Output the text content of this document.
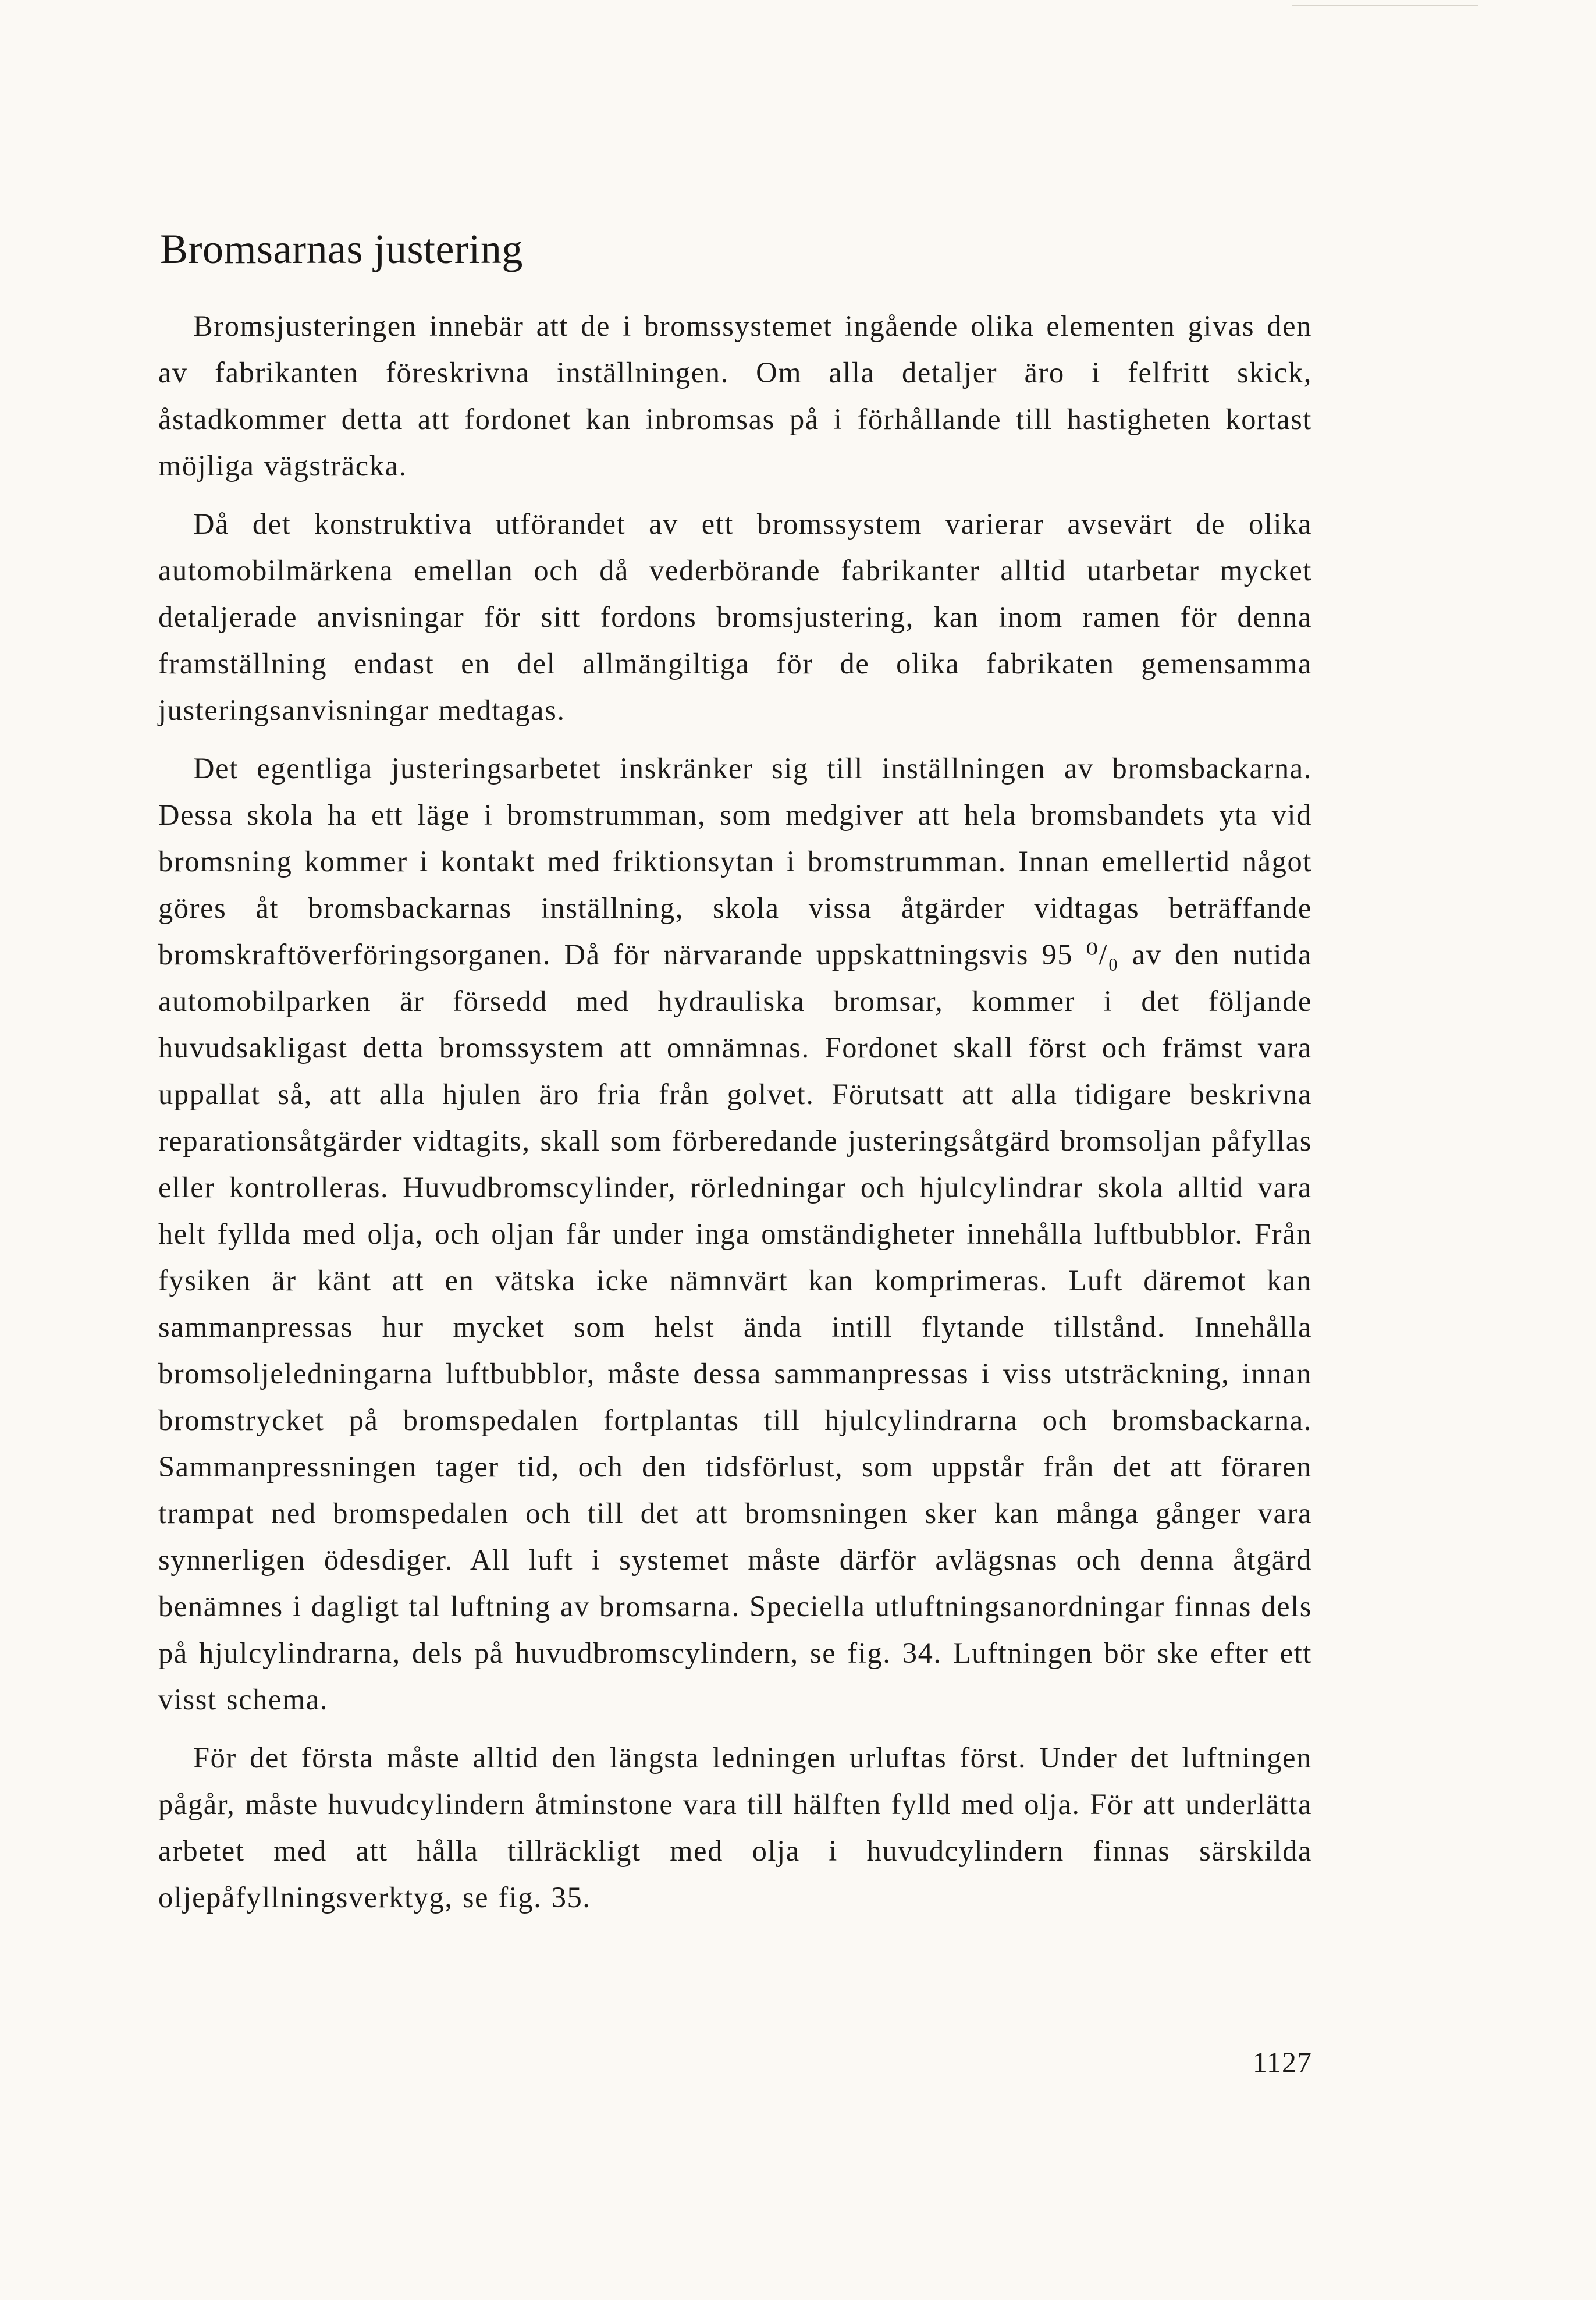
Bromsarnas justering

Bromsjusteringen innebär att de i bromssystemet ingående olika elementen givas den av fabrikanten föreskrivna inställningen. Om alla detaljer äro i felfritt skick, åstadkommer detta att fordonet kan inbromsas på i förhållande till hastigheten kortast möjliga vägsträcka.

Då det konstruktiva utförandet av ett bromssystem varierar avsevärt de olika automobilmärkena emellan och då vederbörande fabrikanter alltid utarbetar mycket detaljerade anvisningar för sitt fordons bromsjustering, kan inom ramen för denna framställning endast en del allmängiltiga för de olika fabrikaten gemensamma justeringsanvisningar medtagas.

Det egentliga justeringsarbetet inskränker sig till inställningen av bromsbackarna. Dessa skola ha ett läge i bromstrumman, som medgiver att hela bromsbandets yta vid bromsning kommer i kontakt med friktionsytan i bromstrumman. Innan emellertid något göres åt bromsbackarnas inställning, skola vissa åtgärder vidtagas beträffande bromskraftöverföringsorganen. Då för närvarande uppskattningsvis 95 ⁰/₀ av den nutida automobilparken är försedd med hydrauliska bromsar, kommer i det följande huvudsakligast detta bromssystem att omnämnas. Fordonet skall först och främst vara uppallat så, att alla hjulen äro fria från golvet. Förutsatt att alla tidigare beskrivna reparationsåtgärder vidtagits, skall som förberedande justeringsåtgärd bromsoljan påfyllas eller kontrolleras. Huvudbromscylinder, rörledningar och hjulcylindrar skola alltid vara helt fyllda med olja, och oljan får under inga omständigheter innehålla luftbubblor. Från fysiken är känt att en vätska icke nämnvärt kan komprimeras. Luft däremot kan sammanpressas hur mycket som helst ända intill flytande tillstånd. Innehålla bromsoljeledningarna luftbubblor, måste dessa sammanpressas i viss utsträckning, innan bromstrycket på bromspedalen fortplantas till hjulcylindrarna och bromsbackarna. Sammanpressningen tager tid, och den tidsförlust, som uppstår från det att föraren trampat ned bromspedalen och till det att bromsningen sker kan många gånger vara synnerligen ödesdiger. All luft i systemet måste därför avlägsnas och denna åtgärd benämnes i dagligt tal luftning av bromsarna. Speciella utluftningsanordningar finnas dels på hjulcylindrarna, dels på huvudbromscylindern, se fig. 34. Luftningen bör ske efter ett visst schema.

För det första måste alltid den längsta ledningen urluftas först. Under det luftningen pågår, måste huvudcylindern åtminstone vara till hälften fylld med olja. För att underlätta arbetet med att hålla tillräckligt med olja i huvudcylindern finnas särskilda oljepåfyllningsverktyg, se fig. 35.

1127
